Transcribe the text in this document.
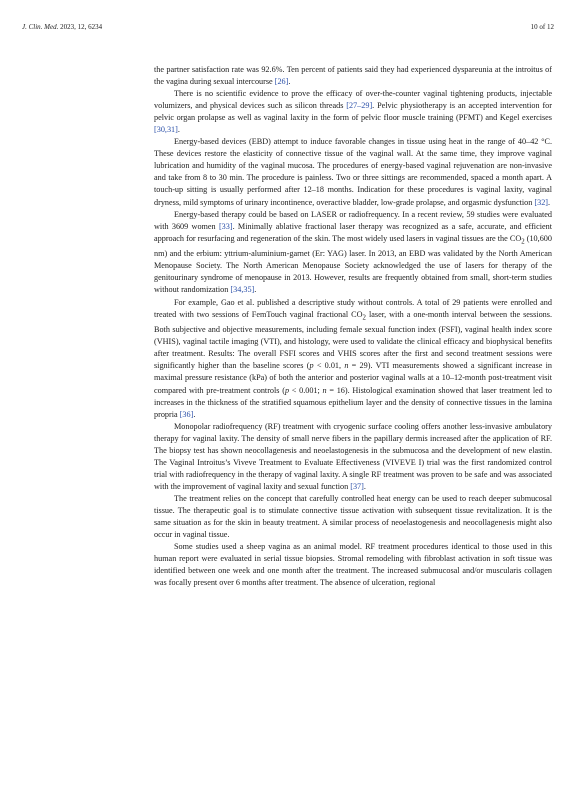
J. Clin. Med. 2023, 12, 6234	10 of 12

the partner satisfaction rate was 92.6%. Ten percent of patients said they had experienced dyspareunia at the introitus of the vagina during sexual intercourse [26].

There is no scientific evidence to prove the efficacy of over-the-counter vaginal tightening products, injectable volumizers, and physical devices such as silicon threads [27–29]. Pelvic physiotherapy is an accepted intervention for pelvic organ prolapse as well as vaginal laxity in the form of pelvic floor muscle training (PFMT) and Kegel exercises [30,31].

Energy-based devices (EBD) attempt to induce favorable changes in tissue using heat in the range of 40–42 °C. These devices restore the elasticity of connective tissue of the vaginal wall. At the same time, they improve vaginal lubrication and humidity of the vaginal mucosa. The procedures of energy-based vaginal rejuvenation are non-invasive and take from 8 to 30 min. The procedure is painless. Two or three sittings are recommended, spaced a month apart. A touch-up sitting is usually performed after 12–18 months. Indication for these procedures is vaginal laxity, vaginal dryness, mild symptoms of urinary incontinence, overactive bladder, low-grade prolapse, and orgasmic dysfunction [32].

Energy-based therapy could be based on LASER or radiofrequency. In a recent review, 59 studies were evaluated with 3609 women [33]. Minimally ablative fractional laser therapy was recognized as a safe, accurate, and efficient approach for resurfacing and regeneration of the skin. The most widely used lasers in vaginal tissues are the $CO_2$ (10,600 nm) and the erbium: yttrium-aluminium-garnet (Er: YAG) laser. In 2013, an EBD was validated by the North American Menopause Society. The North American Menopause Society acknowledged the use of lasers for therapy of the genitourinary syndrome of menopause in 2013. However, results are frequently obtained from small, short-term studies without randomization [34,35].

For example, Gao et al. published a descriptive study without controls. A total of 29 patients were enrolled and treated with two sessions of FemTouch vaginal fractional $CO_2$ laser, with a one-month interval between the sessions. Both subjective and objective measurements, including female sexual function index (FSFI), vaginal health index score (VHIS), vaginal tactile imaging (VTI), and histology, were used to validate the clinical efficacy and biophysical benefits after treatment. Results: The overall FSFI scores and VHIS scores after the first and second treatment sessions were significantly higher than the baseline scores (p < 0.01, n = 29). VTI measurements showed a significant increase in maximal pressure resistance (kPa) of both the anterior and posterior vaginal walls at a 10–12-month post-treatment visit compared with pre-treatment controls (p < 0.001; n = 16). Histological examination showed that laser treatment led to increases in the thickness of the stratified squamous epithelium layer and the density of connective tissues in the lamina propria [36].

Monopolar radiofrequency (RF) treatment with cryogenic surface cooling offers another less-invasive ambulatory therapy for vaginal laxity. The density of small nerve fibers in the papillary dermis increased after the application of RF. The biopsy test has shown neocollagenesis and neoelastogenesis in the submucosa and the development of new elastin. The Vaginal Introitus’s Viveve Treatment to Evaluate Effectiveness (VIVEVE I) trial was the first randomized control trial with radiofrequency in the therapy of vaginal laxity. A single RF treatment was proven to be safe and was associated with the improvement of vaginal laxity and sexual function [37].

The treatment relies on the concept that carefully controlled heat energy can be used to reach deeper submucosal tissue. The therapeutic goal is to stimulate connective tissue activation with subsequent tissue revitalization. It is the same situation as for the skin in beauty treatment. A similar process of neoelastogenesis and neocollagenesis might also occur in vaginal tissue.

Some studies used a sheep vagina as an animal model. RF treatment procedures identical to those used in this human report were evaluated in serial tissue biopsies. Stromal remodeling with fibroblast activation in soft tissue was identified between one week and one month after the treatment. The increased submucosal and/or muscularis collagen was focally present over 6 months after treatment. The absence of ulceration, regional
